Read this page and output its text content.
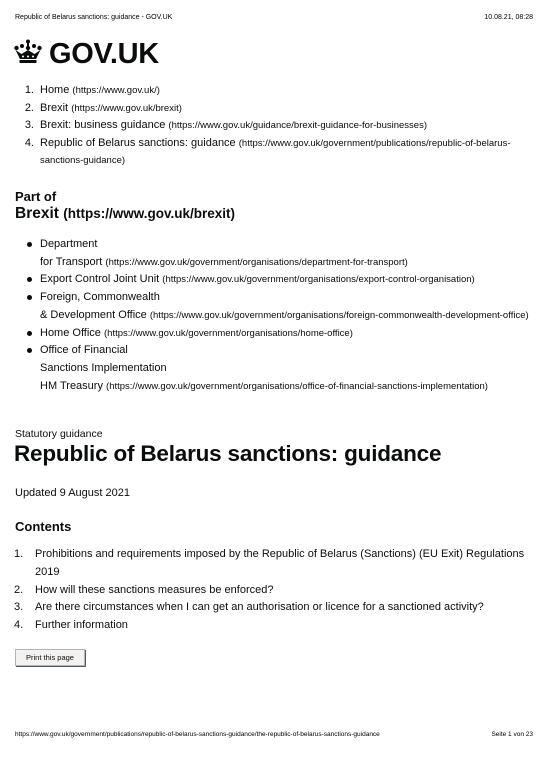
Republic of Belarus sanctions: guidance - GOV.UK	10.08.21, 08:28
GOV.UK
1. Home (https://www.gov.uk/)
2. Brexit (https://www.gov.uk/brexit)
3. Brexit: business guidance (https://www.gov.uk/guidance/brexit-guidance-for-businesses)
4. Republic of Belarus sanctions: guidance (https://www.gov.uk/government/publications/republic-of-belarus-sanctions-guidance)
Part of
Brexit (https://www.gov.uk/brexit)
Department
for Transport (https://www.gov.uk/government/organisations/department-for-transport)
Export Control Joint Unit (https://www.gov.uk/government/organisations/export-control-organisation)
Foreign, Commonwealth
& Development Office (https://www.gov.uk/government/organisations/foreign-commonwealth-development-office)
Home Office (https://www.gov.uk/government/organisations/home-office)
Office of Financial
Sanctions Implementation
HM Treasury (https://www.gov.uk/government/organisations/office-of-financial-sanctions-implementation)
Statutory guidance
Republic of Belarus sanctions: guidance
Updated 9 August 2021
Contents
1.	Prohibitions and requirements imposed by the Republic of Belarus (Sanctions) (EU Exit) Regulations 2019
2.	How will these sanctions measures be enforced?
3.	Are there circumstances when I can get an authorisation or licence for a sanctioned activity?
4.	Further information
Print this page
https://www.gov.uk/government/publications/republic-of-belarus-sanctions-guidance/the-republic-of-belarus-sanctions-guidance	Seite 1 von 23
